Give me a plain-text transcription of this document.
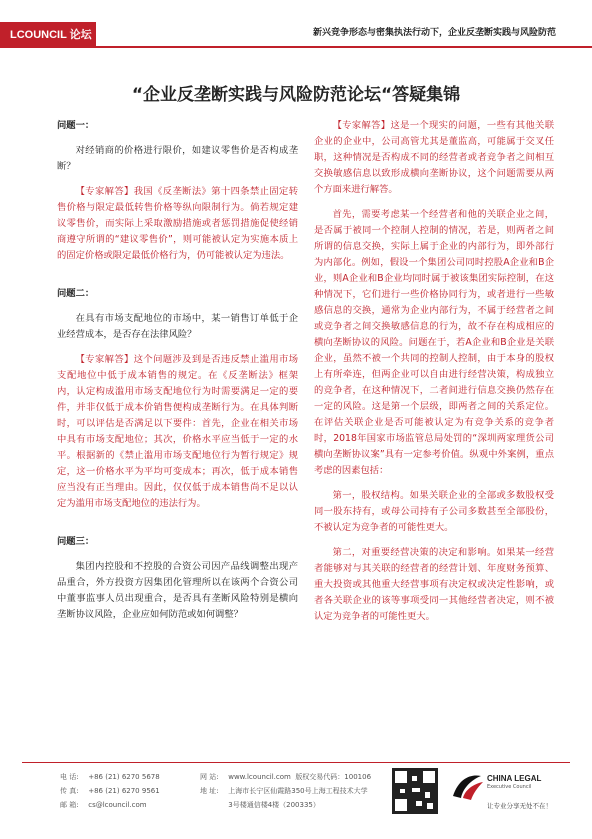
LCOUNCIL 论坛	新兴竞争形态与密集执法行动下，企业反垄断实践与风险防范
“企业反垄断实践与风险防范论坛“答疑集锦

问题一：

对经销商的价格进行限价，如建议零售价是否构成垄断？

【专家解答】我国《反垄断法》第十四条禁止固定转售价格与限定最低转售价格等纵向限制行为。倘若规定建议零售价，而实际上采取激励措施或者惩罚措施促使经销商遵守所谓的“建议零售价”，则可能被认定为实施本质上的固定价格或限定最低价格行为，仍可能被认定为违法。

问题二：

在具有市场支配地位的市场中，某一销售订单低于企业经营成本，是否存在法律风险？

【专家解答】这个问题涉及到是否违反禁止滥用市场支配地位中低于成本销售的规定。在《反垄断法》框架内，认定构成滥用市场支配地位行为时需要满足一定的要件，并非仅低于成本价销售便构成垄断行为。在具体判断时，可以评估是否满足以下要件：首先，企业在相关市场中具有市场支配地位；其次，价格水平应当低于一定的水平。根据新的《禁止滥用市场支配地位行为暂行规定》规定，这一价格水平为平均可变成本；再次，低于成本销售应当没有正当理由。因此，仅仅低于成本销售尚不足以认定为滥用市场支配地位的违法行为。

问题三：

集团内控股和不控股的合资公司因产品线调整出现产品重合，外方投资方因集团化管理所以在该两个合资公司中董事监事人员出现重合，是否具有垄断风险特别是横向垄断协议风险，企业应如何防范或如何调整？

【专家解答】这是一个现实的问题，一些有其他关联企业的企业中，公司高管尤其是董监高，可能属于交叉任职，这种情况是否构成不同的经营者或者竞争者之间相互交换敏感信息以致形成横向垄断协议，这个问题需要从两个方面来进行解答。

首先，需要考虑某一个经营者和他的关联企业之间，是否属于被同一个控制人控制的情况，若是，则两者之间所谓的信息交换，实际上属于企业的内部行为，即外部行为内部化。例如，假设一个集团公司同时控股A企业和B企业，则A企业和B企业均同时属于被该集团实际控制，在这种情况下，它们进行一些价格协同行为，或者进行一些敏感信息的交换，通常为企业内部行为，不属于经营者之间或竞争者之间交换敏感信息的行为，故不存在构成相应的横向垄断协议的风险。问题在于，若A企业和B企业是关联企业，虽然不被一个共同的控制人控制，由于本身的股权上有所牵连，但两企业可以自由进行经营决策，构成独立的竞争者，在这种情况下，二者间进行信息交换仍然存在一定的风险。这是第一个层级，即两者之间的关系定位。在评估关联企业是否可能被认定为有竞争关系的竞争者时，2018年国家市场监管总局处罚的“深圳两家理货公司横向垄断协议案”具有一定参考价值。纵观中外案例，重点考虑的因素包括：

第一，股权结构。如果关联企业的全部或多数股权受同一股东持有，或母公司持有子公司多数甚至全部股份，不被认定为竞争者的可能性更大。

第二，对重要经营决策的决定和影响。如果某一经营者能够对与其关联的经营者的经营计划、年度财务预算、重大投资或其他重大经营事项有决定权或决定性影响，或者各关联企业的该等事项受同一其他经营者决定，则不被认定为竞争者的可能性更大。

电 话: +86 (21) 6270 5678
传 真: +86 (21) 6270 9561
邮 箱: cs@lcouncil.com
网 站: www.lcouncil.com 版权交易代码：100106
地 址: 上海市长宁区仙霞路350号上海工程技术大学
3号楼通信楼4楼（200335）
CHINA LEGAL
Executive Council
让专业分享无处不在！
